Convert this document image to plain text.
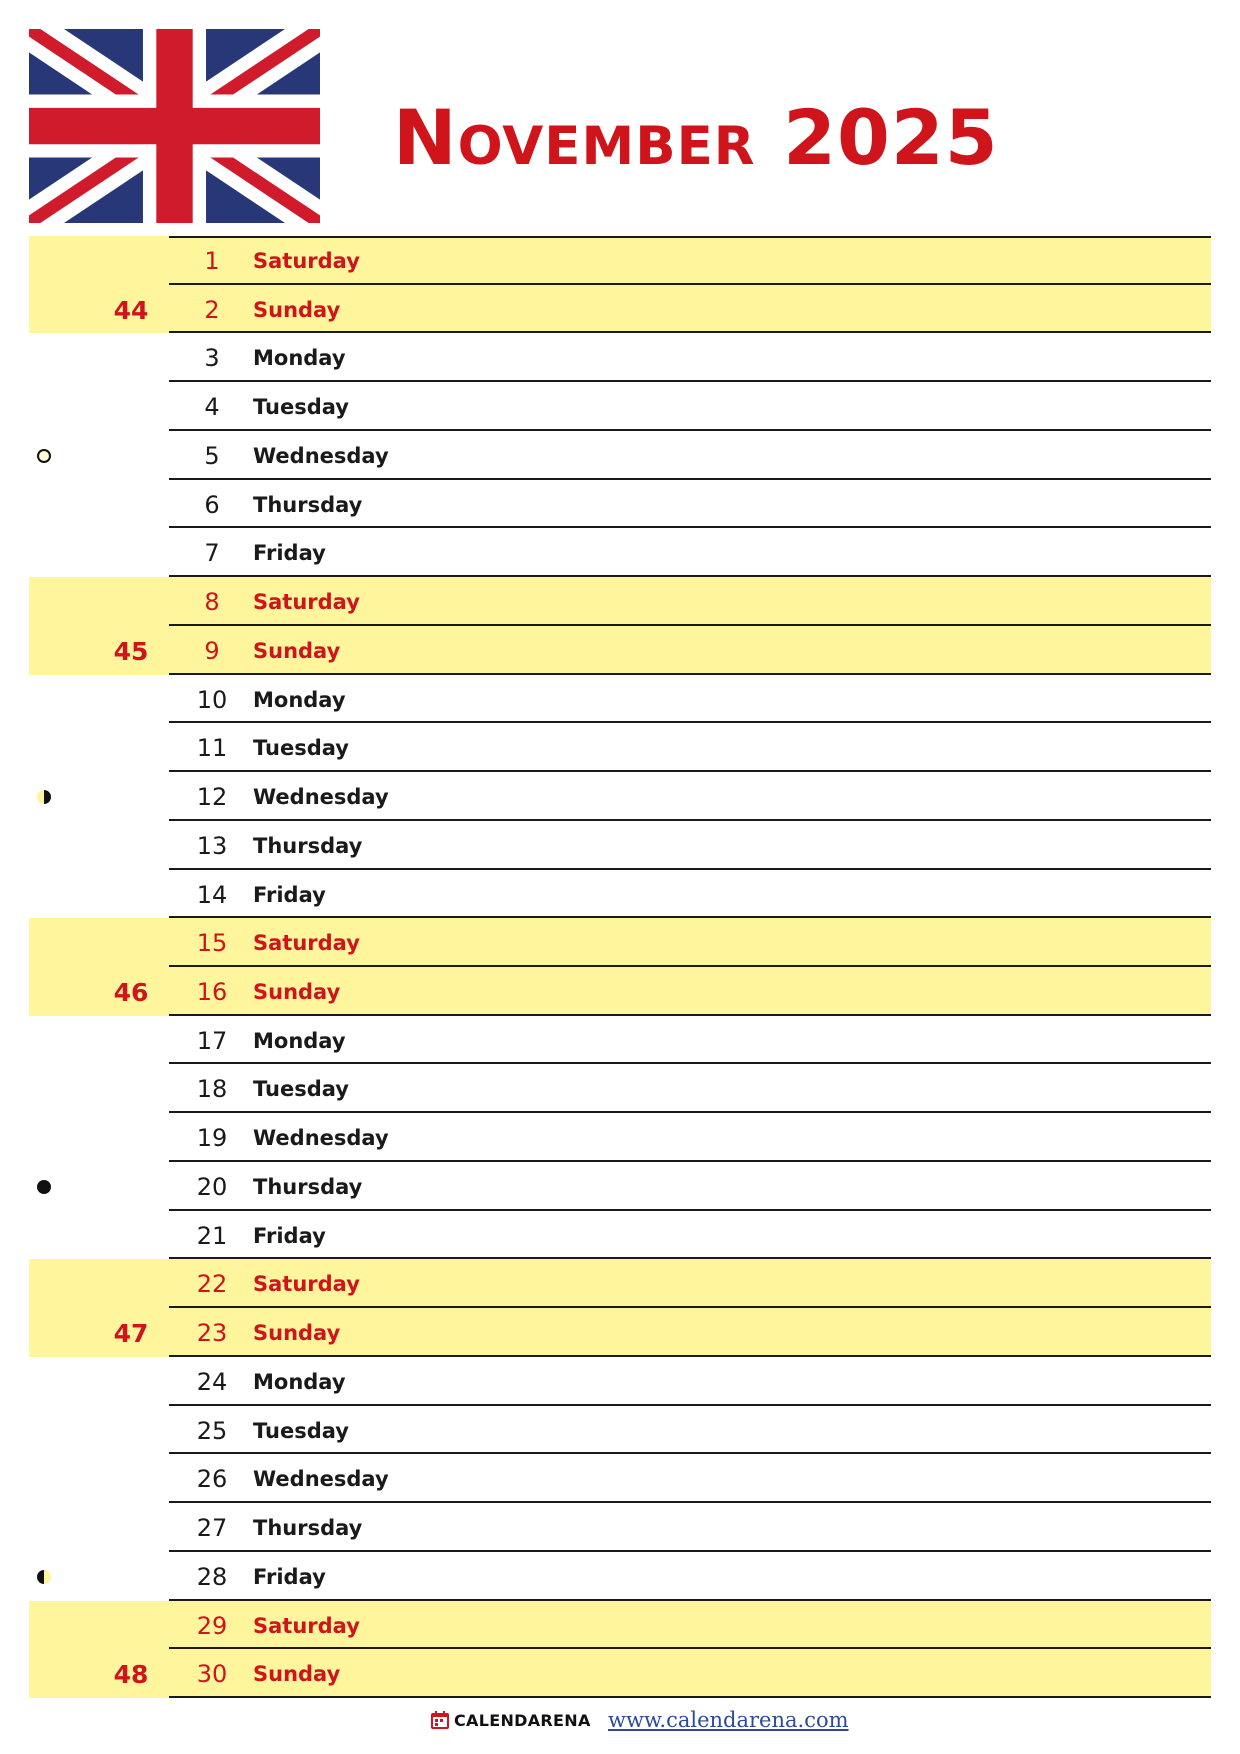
November 2025
1	Saturday
44	2	Sunday
3	Monday
4	Tuesday
5	Wednesday
6	Thursday
7	Friday
8	Saturday
45	9	Sunday
10	Monday
11	Tuesday
12	Wednesday
13	Thursday
14	Friday
15	Saturday
46	16	Sunday
17	Monday
18	Tuesday
19	Wednesday
20	Thursday
21	Friday
22	Saturday
47	23	Sunday
24	Monday
25	Tuesday
26	Wednesday
27	Thursday
28	Friday
29	Saturday
48	30	Sunday
CALENDARENA www.calendarena.com
